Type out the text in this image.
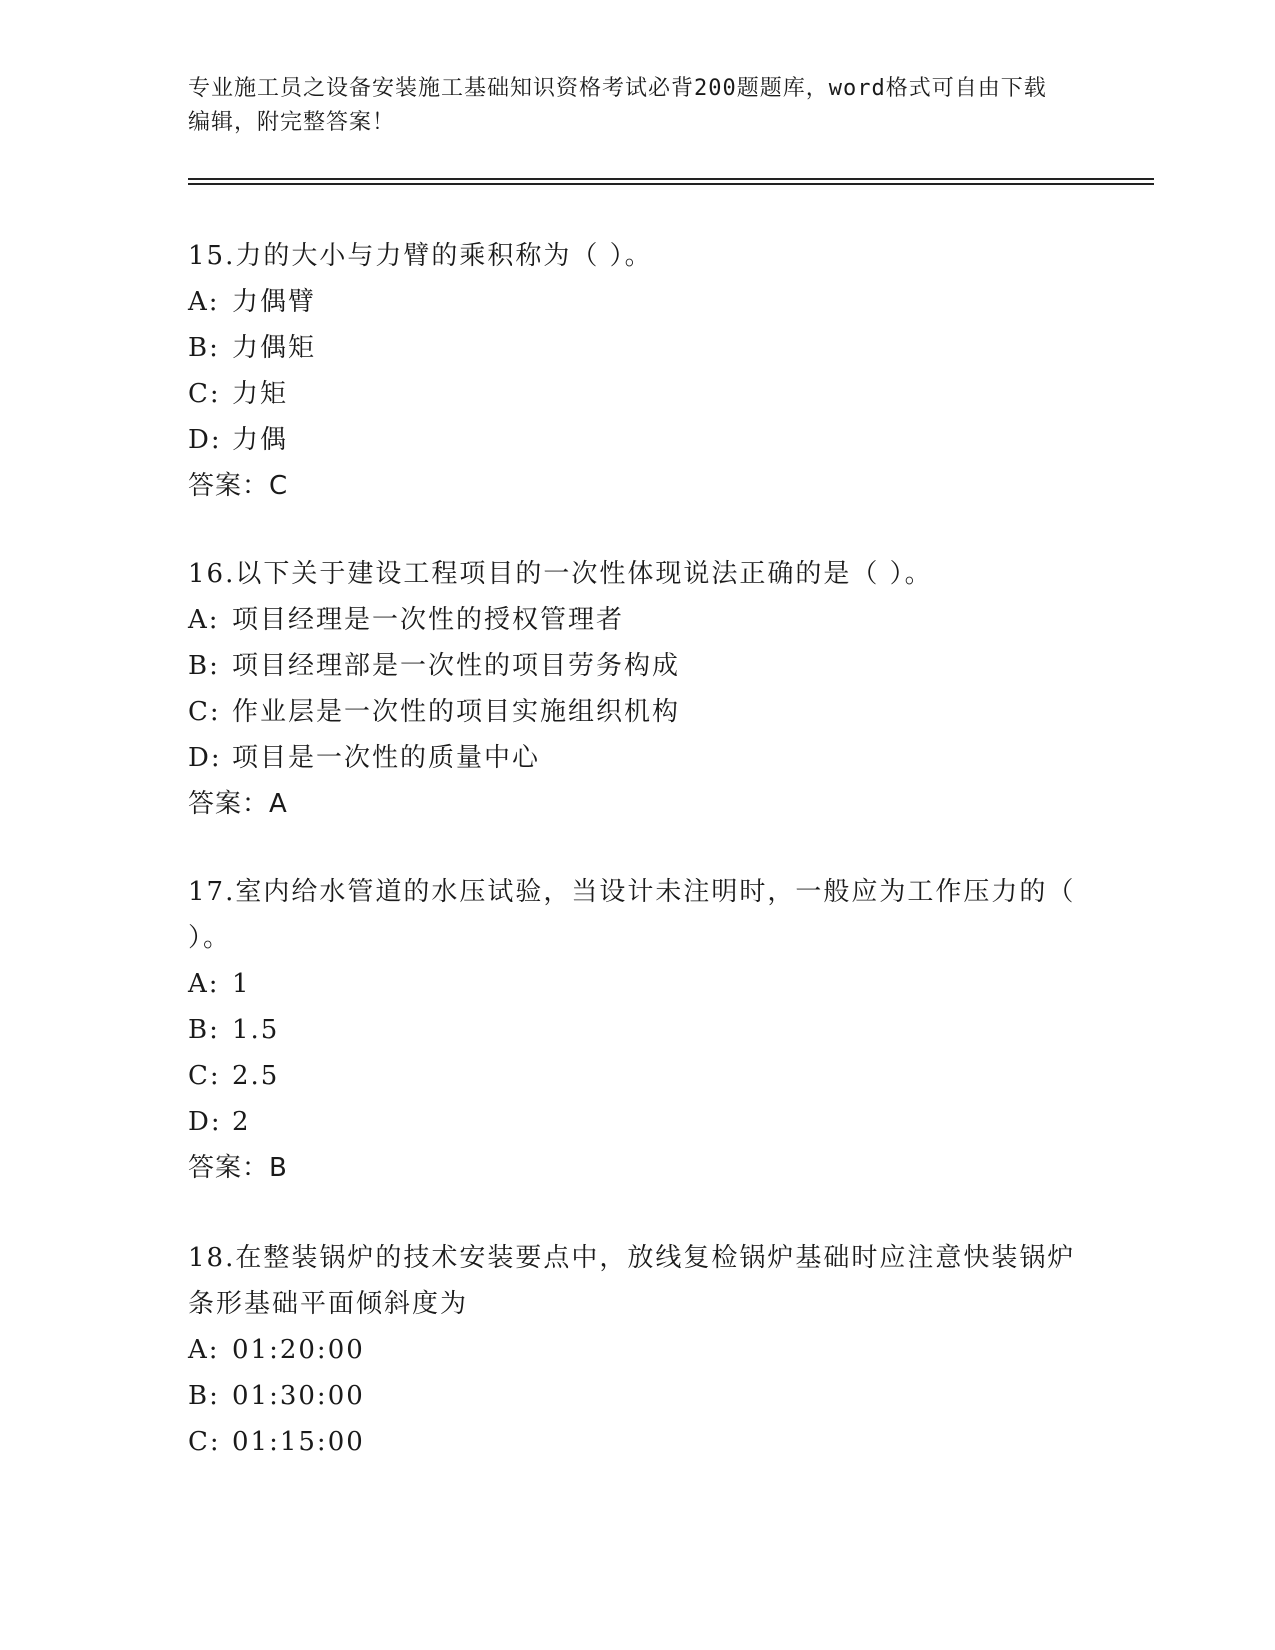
专业施工员之设备安装施工基础知识资格考试必背200题题库，word格式可自由下载编辑，附完整答案！

15.力的大小与力臂的乘积称为（ ）。

A: 力偶臂

B: 力偶矩

C: 力矩

D: 力偶

答案：C

16.以下关于建设工程项目的一次性体现说法正确的是（ ）。

A: 项目经理是一次性的授权管理者

B: 项目经理部是一次性的项目劳务构成

C: 作业层是一次性的项目实施组织机构

D: 项目是一次性的质量中心

答案：A

17.室内给水管道的水压试验，当设计未注明时，一般应为工作压力的（ ）。

A: 1

B: 1.5

C: 2.5

D: 2

答案：B

18.在整装锅炉的技术安装要点中，放线复检锅炉基础时应注意快装锅炉条形基础平面倾斜度为

A: 01:20:00

B: 01:30:00

C: 01:15:00
